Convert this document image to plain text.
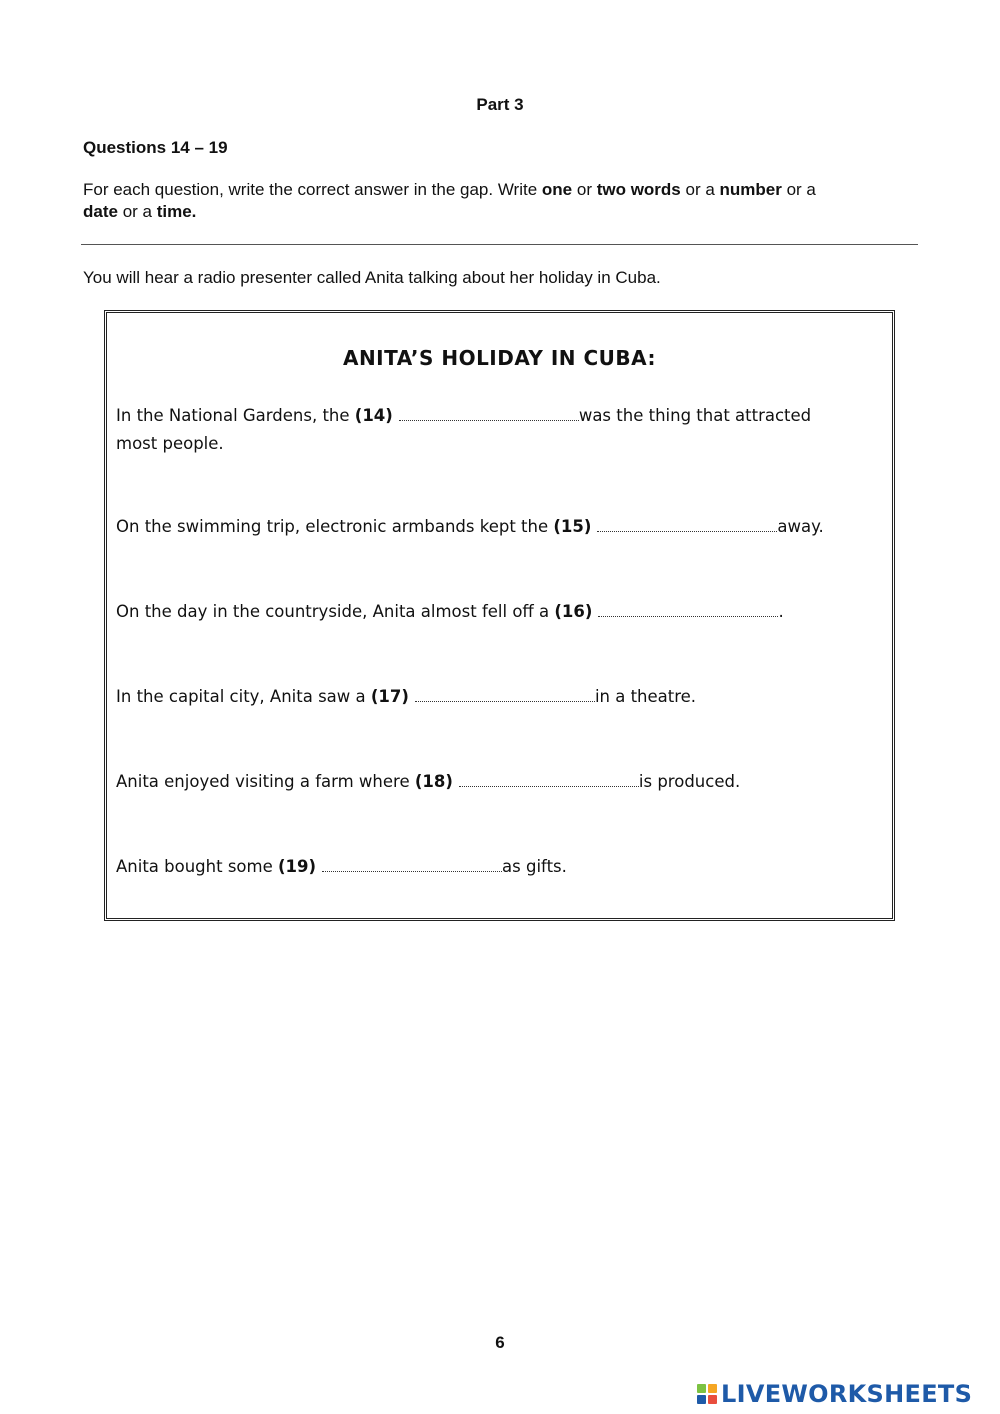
Part 3
Questions 14 – 19
For each question, write the correct answer in the gap. Write one or two words or a number or a
date or a time.
You will hear a radio presenter called Anita talking about her holiday in Cuba.
ANITA’S HOLIDAY IN CUBA:
In the National Gardens, the (14)	was the thing that attracted most people.
On the swimming trip, electronic armbands kept the (15)	away.
On the day in the countryside, Anita almost fell off a (16)	.
In the capital city, Anita saw a (17)	in a theatre.
Anita enjoyed visiting a farm where (18)	is produced.
Anita bought some (19)	as gifts.
6
LIVEWORKSHEETS
